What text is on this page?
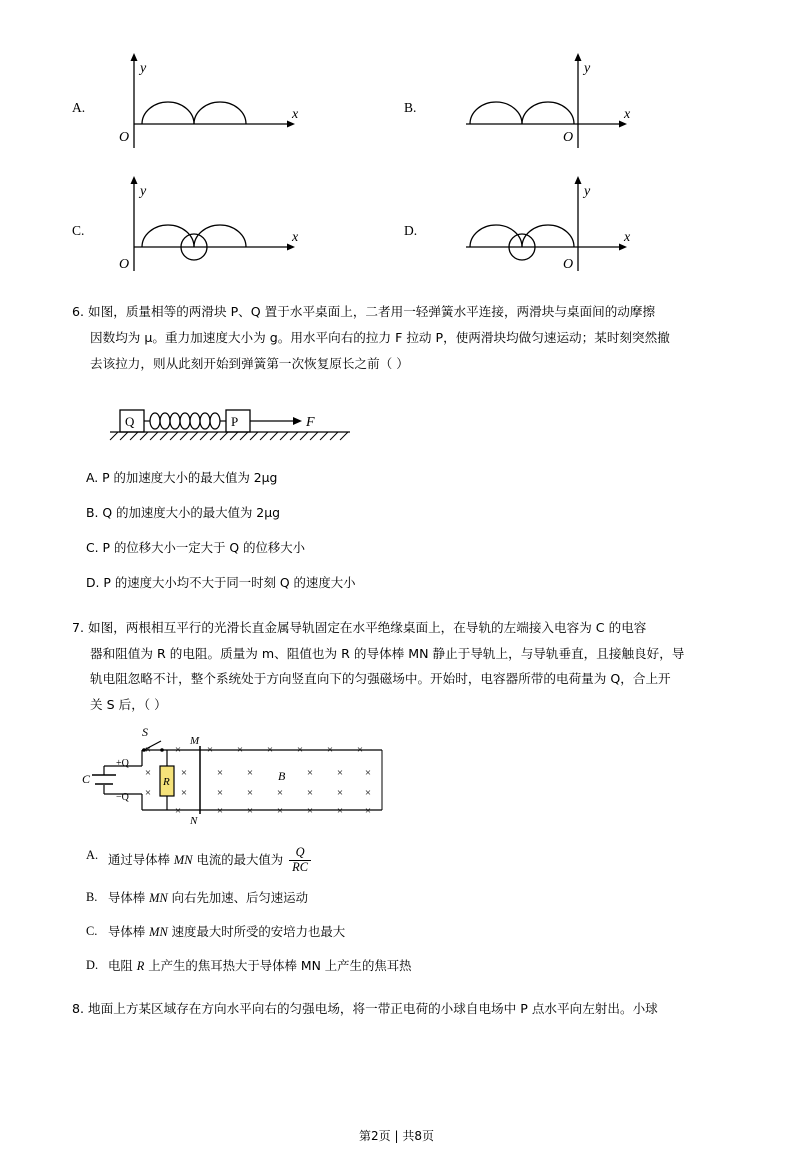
A.
y
x
O
B.
y
x
O
C.
y
x
O
D.
y
x
O

6. 如图，质量相等的两滑块 P、Q 置于水平桌面上，二者用一轻弹簧水平连接，两滑块与桌面间的动摩擦

因数均为 μ。重力加速度大小为 g。用水平向右的拉力 F 拉动 P，使两滑块均做匀速运动；某时刻突然撤

去该拉力，则从此刻开始到弹簧第一次恢复原长之前（ ）

Q	P	F
A. P 的加速度大小的最大值为 2μg
B. Q 的加速度大小的最大值为 2μg
C. P 的位移大小一定大于 Q 的位移大小
D. P 的速度大小均不大于同一时刻 Q 的速度大小

7. 如图，两根相互平行的光滑长直金属导轨固定在水平绝缘桌面上，在导轨的左端接入电容为 C 的电容

器和阻值为 R 的电阻。质量为 m、阻值也为 R 的导体棒 MN 静止于导轨上，与导轨垂直，且接触良好，导

轨电阻忽略不计，整个系统处于方向竖直向下的匀强磁场中。开始时，电容器所带的电荷量为 Q，合上开

关 S 后，（ ）

C
S
+Q
−Q
R
M
N
× × × × × × × ×
×	×	× ×	× × ×
×	×	× × × × × ×
×	× × × × × ×
B
A. 通过导体棒 MN 电流的最大值为 $\frac{Q}{RC}$
B. 导体棒 MN 向右先加速、后匀速运动
C. 导体棒 MN 速度最大时所受的安培力也最大
D. 电阻 R 上产生的焦耳热大于导体棒 MN 上产生的焦耳热

8. 地面上方某区域存在方向水平向右的匀强电场，将一带正电荷的小球自电场中 P 点水平向左射出。小球

第2页 | 共8页
